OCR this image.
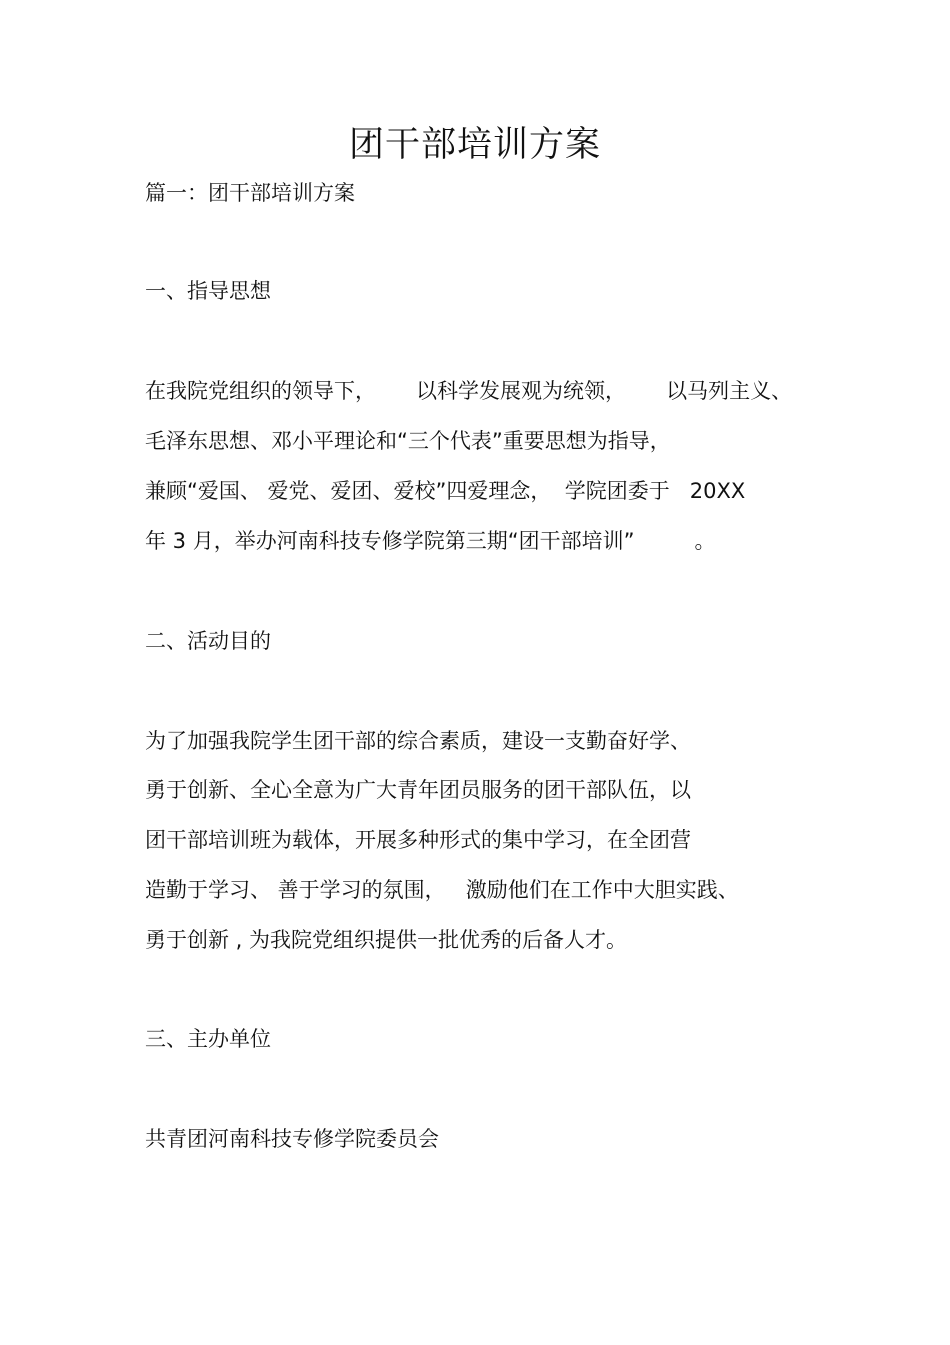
团干部培训方案
篇一：团干部培训方案
一、指导思想
在我院党组织的领导下，      以科学发展观为统领，      以马列主义、
毛泽东思想、邓小平理论和“三个代表”重要思想为指导，
兼顾“爱国、 爱党、爱团、爱校”四爱理念，  学院团委于   20XX
年 3 月，举办河南科技专修学院第三期“团干部培训”         。
二、活动目的
为了加强我院学生团干部的综合素质，建设一支勤奋好学、
勇于创新、全心全意为广大青年团员服务的团干部队伍，以
团干部培训班为载体，开展多种形式的集中学习，在全团营
造勤于学习、 善于学习的氛围，   激励他们在工作中大胆实践、
勇于创新 , 为我院党组织提供一批优秀的后备人才。
三、主办单位
共青团河南科技专修学院委员会
